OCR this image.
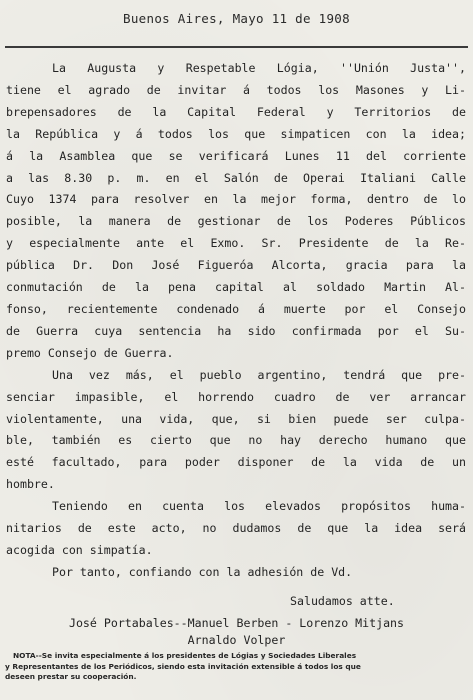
Buenos Aires, Mayo 11 de 1908
La Augusta y Respetable Lógia, ''Unión Justa'',
tiene el agrado de invitar á todos los Masones y Li-
brepensadores de la Capital Federal y Territorios de
la República y á todos los que simpaticen con la idea;
á la Asamblea que se verificará Lunes 11 del corriente
a las 8.30 p. m. en el Salón de Operai Italiani Calle
Cuyo 1374 para resolver en la mejor forma, dentro de lo
posible, la manera de gestionar de los Poderes Públicos
y especialmente ante el Exmo. Sr. Presidente de la Re-
pública Dr. Don José Figueróa Alcorta, gracia para la
conmutación de la pena capital al soldado Martin Al-
fonso, recientemente condenado á muerte por el Consejo
de Guerra cuya sentencia ha sido confirmada por el Su-
premo Consejo de Guerra.
Una vez más, el pueblo argentino, tendrá que pre-
senciar impasible, el horrendo cuadro de ver arrancar
violentamente, una vida, que, si bien puede ser culpa-
ble, también es cierto que no hay derecho humano que
esté facultado, para poder disponer de la vida de un
hombre.
Teniendo en cuenta los elevados propósitos huma-
nitarios de este acto, no dudamos de que la idea será
acogida con simpatía.
Por tanto, confiando con la adhesión de Vd.
Saludamos atte.
José Portabales--Manuel Berben - Lorenzo Mitjans
Arnaldo Volper
NOTA--Se invita especialmente á los presidentes de Lógias y Sociedades Liberales
y Representantes de los Periódicos, siendo esta invitación extensible á todos los que
deseen prestar su cooperación.
